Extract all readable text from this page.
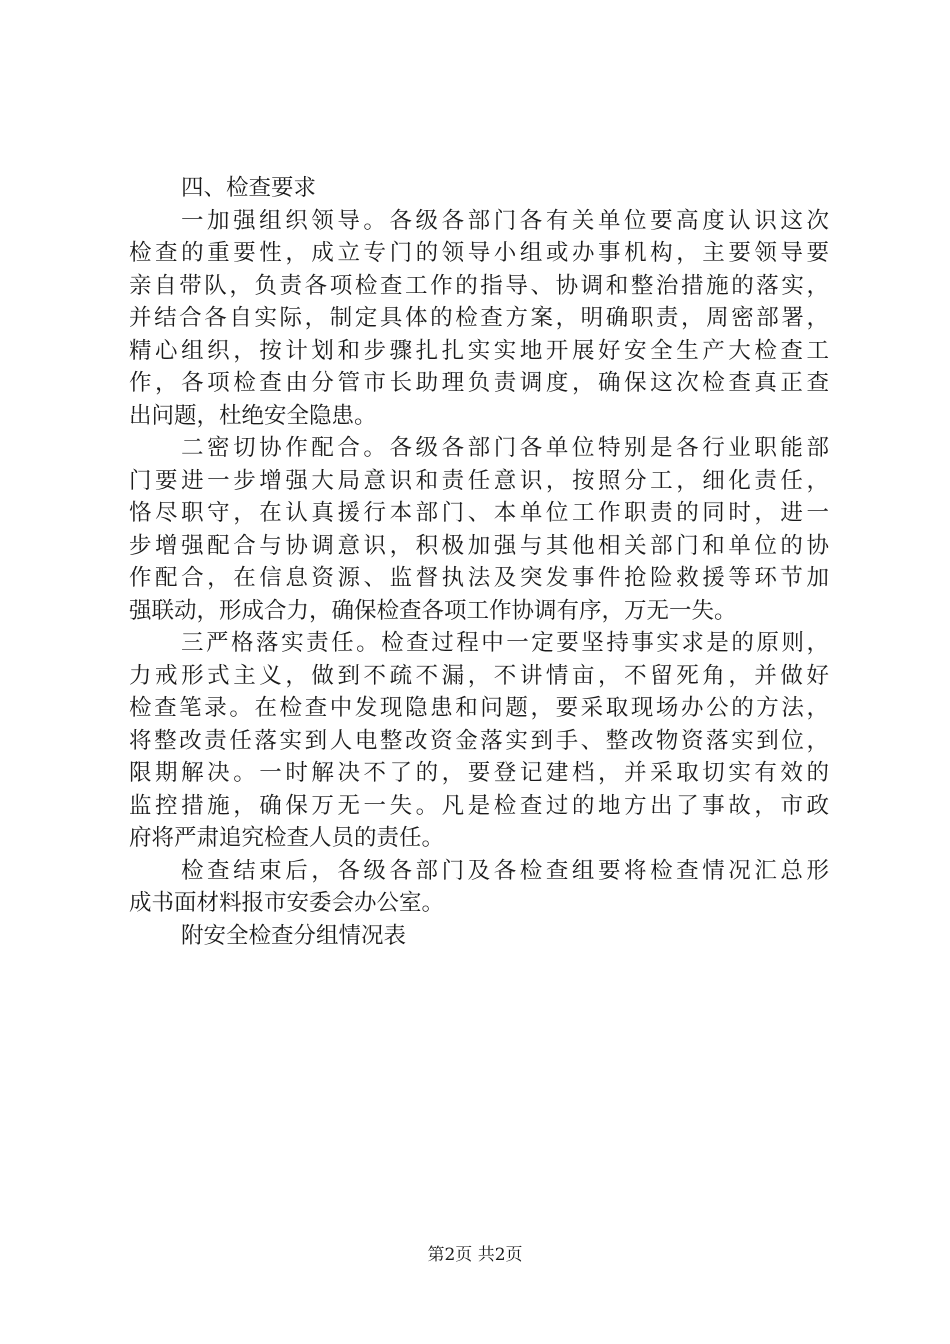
四、检查要求

一加强组织领导。各级各部门各有关单位要高度认识这次

检查的重要性，成立专门的领导小组或办事机构，主要领导要

亲自带队，负责各项检查工作的指导、协调和整治措施的落实，

并结合各自实际，制定具体的检查方案，明确职责，周密部署，

精心组织，按计划和步骤扎扎实实地开展好安全生产大检查工

作，各项检查由分管市长助理负责调度，确保这次检查真正查

出问题，杜绝安全隐患。

二密切协作配合。各级各部门各单位特别是各行业职能部

门要进一步增强大局意识和责任意识，按照分工，细化责任，

恪尽职守，在认真援行本部门、本单位工作职责的同时，进一

步增强配合与协调意识，积极加强与其他相关部门和单位的协

作配合，在信息资源、监督执法及突发事件抢险救援等环节加

强联动，形成合力，确保检查各项工作协调有序，万无一失。

三严格落实责任。检查过程中一定要坚持事实求是的原则，

力戒形式主义，做到不疏不漏，不讲情亩，不留死角，并做好

检查笔录。在检查中发现隐患和问题，要采取现场办公的方法，

将整改责任落实到人电整改资金落实到手、整改物资落实到位，

限期解决。一时解决不了的，要登记建档，并采取切实有效的

监控措施，确保万无一失。凡是检查过的地方出了事故，市政

府将严肃追究检查人员的责任。

检查结束后，各级各部门及各检查组要将检查情况汇总形

成书面材料报市安委会办公室。

附安全检查分组情况表

第2页 共2页
